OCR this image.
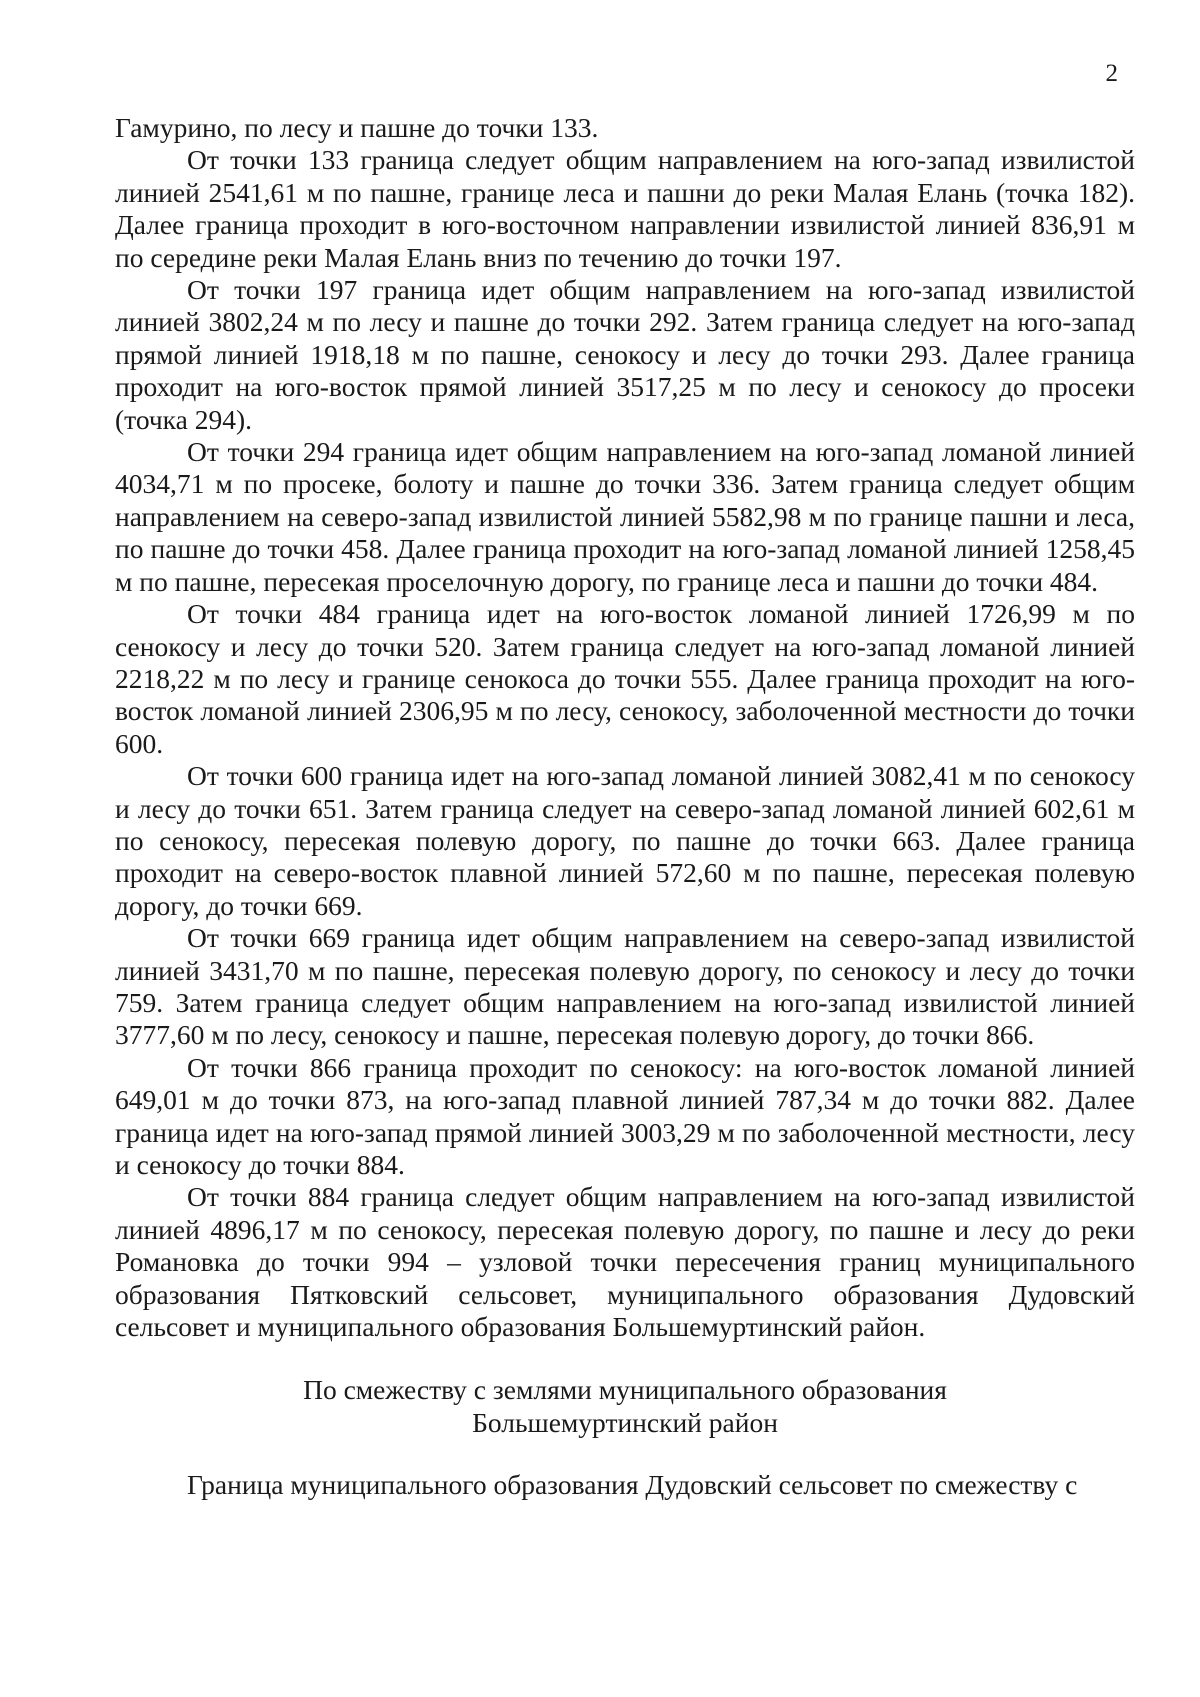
2

Гамурино, по лесу и пашне до точки 133.

От точки 133 граница следует общим направлением на юго-запад извилистой линией 2541,61 м по пашне, границе леса и пашни до реки Малая Елань (точка 182). Далее граница проходит в юго-восточном направлении извилистой линией 836,91 м по середине реки Малая Елань вниз по течению до точки 197.

От точки 197 граница идет общим направлением на юго-запад извилистой линией 3802,24 м по лесу и пашне до точки 292. Затем граница следует на юго-запад прямой линией 1918,18 м по пашне, сенокосу и лесу до точки 293. Далее граница проходит на юго-восток прямой линией 3517,25 м по лесу и сенокосу до просеки (точка 294).

От точки 294 граница идет общим направлением на юго-запад ломаной линией 4034,71 м по просеке, болоту и пашне до точки 336. Затем граница следует общим направлением на северо-запад извилистой линией 5582,98 м по границе пашни и леса, по пашне до точки 458. Далее граница проходит на юго-запад ломаной линией 1258,45 м по пашне, пересекая проселочную дорогу, по границе леса и пашни до точки 484.

От точки 484 граница идет на юго-восток ломаной линией 1726,99 м по сенокосу и лесу до точки 520. Затем граница следует на юго-запад ломаной линией 2218,22 м по лесу и границе сенокоса до точки 555. Далее граница проходит на юго-восток ломаной линией 2306,95 м по лесу, сенокосу, заболоченной местности до точки 600.

От точки 600 граница идет на юго-запад ломаной линией 3082,41 м по сенокосу и лесу до точки 651. Затем граница следует на северо-запад ломаной линией 602,61 м по сенокосу, пересекая полевую дорогу, по пашне до точки 663. Далее граница проходит на северо-восток плавной линией 572,60 м по пашне, пересекая полевую дорогу, до точки 669.

От точки 669 граница идет общим направлением на северо-запад извилистой линией 3431,70 м по пашне, пересекая полевую дорогу, по сенокосу и лесу до точки 759. Затем граница следует общим направлением на юго-запад извилистой линией 3777,60 м по лесу, сенокосу и пашне, пересекая полевую дорогу, до точки 866.

От точки 866 граница проходит по сенокосу: на юго-восток ломаной линией 649,01 м до точки 873, на юго-запад плавной линией 787,34 м до точки 882. Далее граница идет на юго-запад прямой линией 3003,29 м по заболоченной местности, лесу и сенокосу до точки 884.

От точки 884 граница следует общим направлением на юго-запад извилистой линией 4896,17 м по сенокосу, пересекая полевую дорогу, по пашне и лесу до реки Романовка до точки 994 – узловой точки пересечения границ муниципального образования Пятковский сельсовет, муниципального образования Дудовский сельсовет и муниципального образования Большемуртинский район.

По смежеству с землями муниципального образования
Большемуртинский район

Граница муниципального образования Дудовский сельсовет по смежеству с
